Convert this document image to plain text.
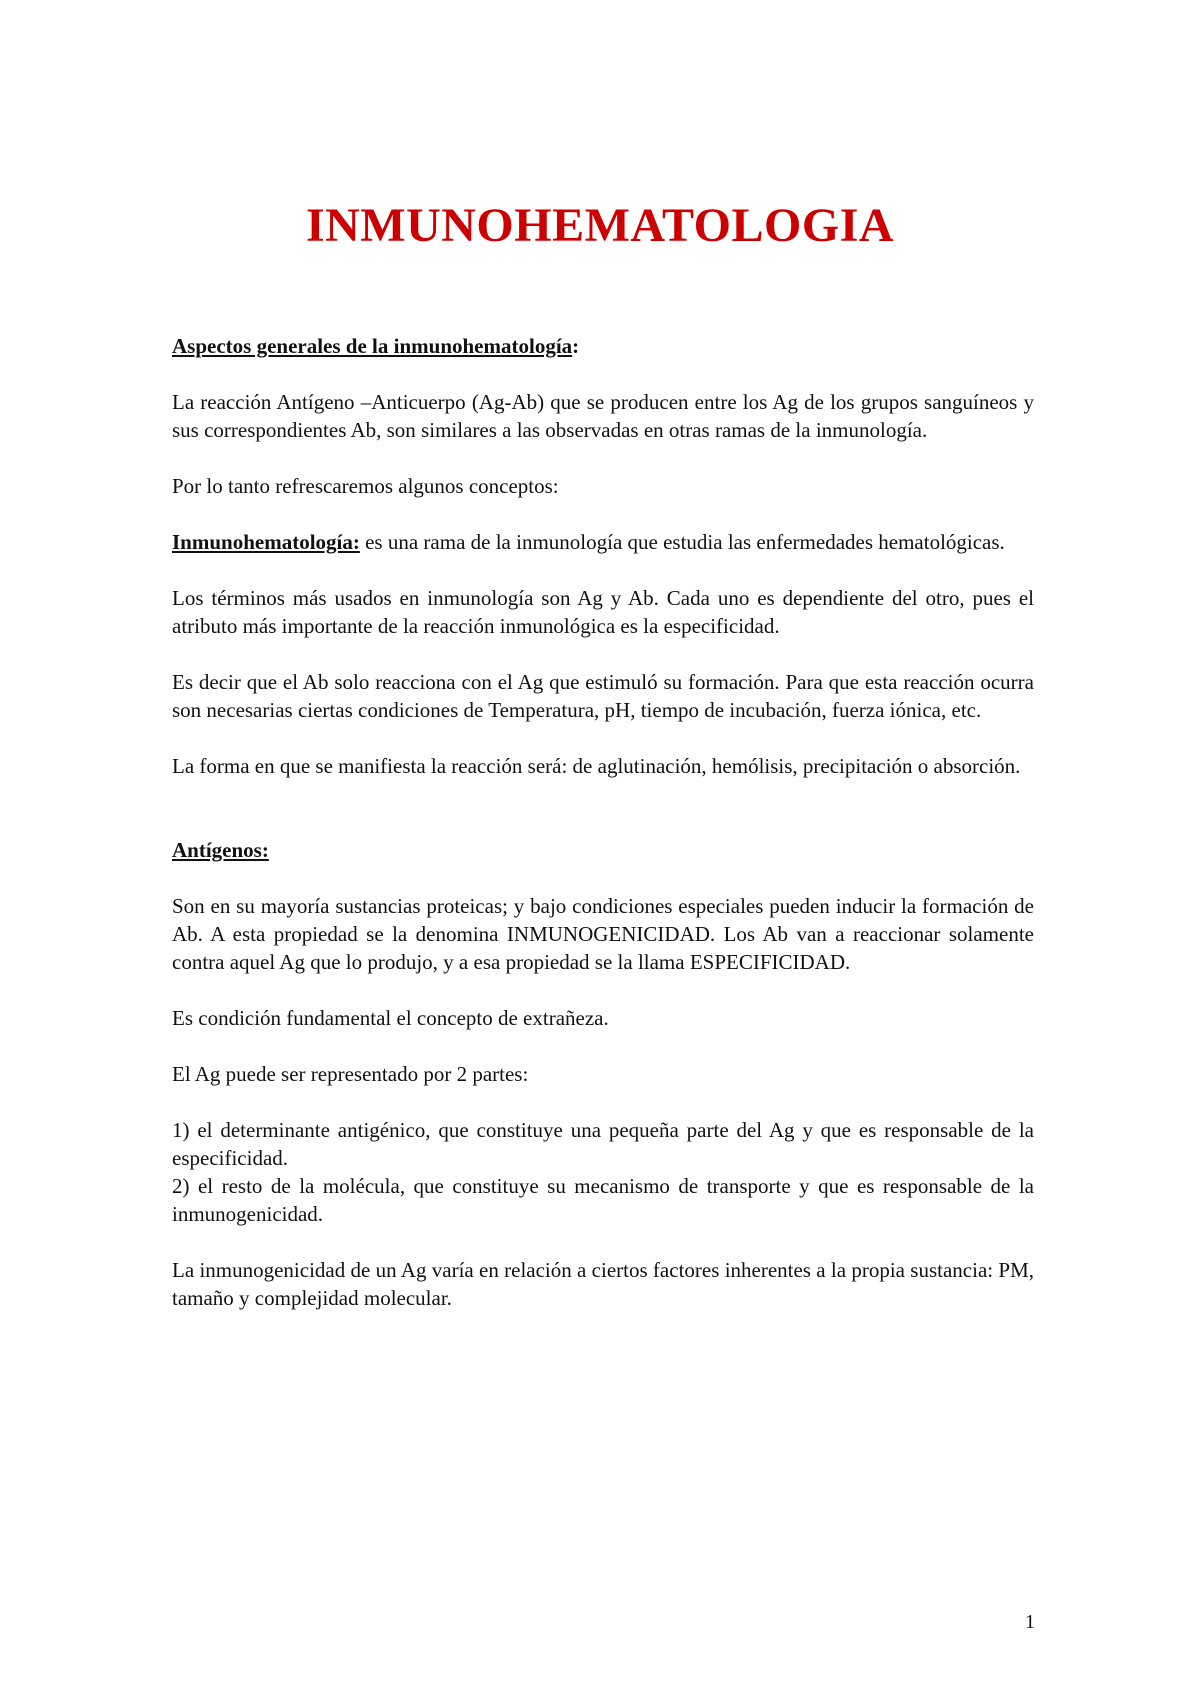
INMUNOHEMATOLOGIA

Aspectos generales de la inmunohematología:

La reacción Antígeno –Anticuerpo (Ag-Ab) que se producen entre los Ag de los grupos sanguíneos y sus correspondientes Ab, son similares a las observadas en otras ramas de la inmunología.

Por lo tanto refrescaremos algunos conceptos:

Inmunohematología: es una rama de la inmunología que estudia las enfermedades hematológicas.

Los términos más usados en inmunología son Ag y Ab. Cada uno es dependiente del otro, pues el atributo más importante de la reacción inmunológica es la especificidad.

Es decir que el Ab solo reacciona con el Ag que estimuló su formación. Para que esta reacción ocurra son necesarias ciertas condiciones de Temperatura, pH, tiempo de incubación, fuerza iónica, etc.

La forma en que se manifiesta la reacción será: de aglutinación, hemólisis, precipitación o absorción.

Antígenos:

Son en su mayoría sustancias proteicas; y bajo condiciones especiales pueden inducir la formación de Ab. A esta propiedad se la denomina INMUNOGENICIDAD. Los Ab van a reaccionar solamente contra aquel Ag que lo produjo, y a esa propiedad se la llama ESPECIFICIDAD.

Es condición fundamental el concepto de extrañeza.

El Ag puede ser representado por 2 partes:

1) el determinante antigénico, que constituye una pequeña parte del Ag y que es responsable de la especificidad.

2) el resto de la molécula, que constituye su mecanismo de transporte y que es responsable de la inmunogenicidad.

La inmunogenicidad de un Ag varía en relación a ciertos factores inherentes a la propia sustancia: PM, tamaño y complejidad molecular.

1
